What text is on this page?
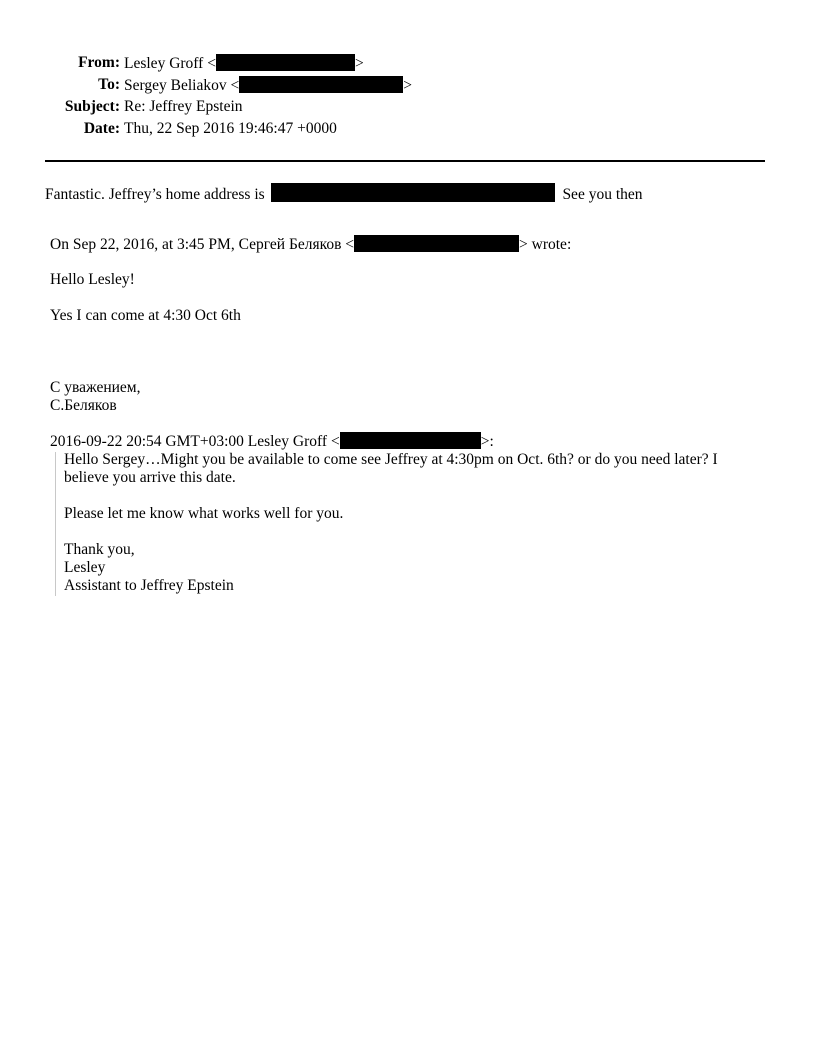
From: Lesley Groff <	>
To: Sergey Beliakov <	>
Subject: Re: Jeffrey Epstein
Date: Thu, 22 Sep 2016 19:46:47 +0000
Fantastic. Jeffrey’s home address is	See you then
On Sep 22, 2016, at 3:45 PM, Сергей Беляков <	> wrote:
Hello Lesley!
Yes I can come at 4:30 Oct 6th
С уважением,
С.Беляков
2016-09-22 20:54 GMT+03:00 Lesley Groff <	>:
Hello Sergey…Might you be available to come see Jeffrey at 4:30pm on Oct. 6th? or do you need later? I
believe you arrive this date.
Please let me know what works well for you.
Thank you,
Lesley
Assistant to Jeffrey Epstein
